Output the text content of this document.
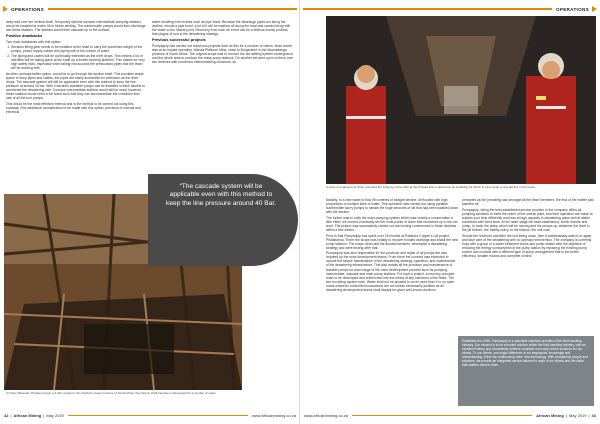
OPERATIONS

deep well over the vertical shaft. Temporary slimline sumped intermediate pumping stations would be installed at levels 48 m below landing. The submersible pumps would then discharge into these stations. The stations would then cascade up to the surface.

Positive drawbacks

Two main drawbacks with this option:

1. Sections lifting gear needs to be installed at the shaft to carry the combined weight of the pumps, power supply cables and piping with a full column of water.
2. The piping and cables will be continually extended as the level drops. This means a lot of activities will be taking place at the shaft on a limited working platform. This makes for very high safety risks, especially when taking into account the pressurised pipes that the team will be working with.

Another, perhaps better option, would be to go through the decline shaft. This provides ample space to keep pipes and cables; the pipes are easily accessible for extension as the level drops. The cascade system will still be applicable even with this method to keep the line pressure at around 40 bar. With 4 declines available pumps can be installed in each decline to accelerate the dewatering rate. Common intermediate stations would still be used; however, these stations would need to be sized such that they can accommodate the combined flow rate of all the four pumps.

This would be the most effective method and is the method to be carried out using this roadway. One additional consideration to be made with this option: provision of manual and electrical

water resulting from events such as pipe burst. Because the discharge pipes run along the decline, should a pipe burst, a lot of it will be washed off along the road and carried along with the water to the lowest point. Recovery from such an event can be a tedious mainly process that plague of sort in the dewatering strategy.

Previous successful projects

Pumpsquip has carried out numerous projects such as this for a number of clients. Most recent was at an Impala operation, Marula Platinum Mine, close to Burgersfort in the Mpumalanga province of South Africa. The original scope was to recover the old settling system underground and the whole area to produce the mass pump stations. On another we were upon to them over two declines with numerous intercrosseling crosscuts, all

At Orion Minerals' Prieska Copper a 4.2km project in the Northern Cape province of South Africa, the historic shaft has been submerged for a number of years.
42 | African Mining | May 2019	www.africanmining.co.za
“The cascade system will be applicable even with this method to keep the line pressure around 40 Bar.
OPERATIONS
A team of engineers at Orion recorded the integrity of the shaft at the Prieska site to determine its suitability for which to best repair a new decline in the future.

Notably, to a new water to flow lift contents of straight decline, all flooded with high proportions of multiple lines of water. This operation was carried out using portable submersible slurry pumps to handle the huge amounts of silt that had been washed down with the decline.

The further was to unify the main pumping system which was closely a conservation a little effort; we mustn't eventually set the most points of down that recovered up to the old level. The project was successfully carried out and mining commenced in those declines within a few weeks.

Prior to that Pumpsquip has spent over 18 months at Palabora Copper's Lift project, Phalaborwa. There the scope was initially to recover flooded workings and install the new pump stations. The major clean-dolt the flooded declines, developed a dewatering strategy and were testing after that.

Pumpsquip was also responsible for the provision and repair of all pumps are also required by the mine development teams. From there the contract was extended to include the simple maintenance of the dewatering strategy, operation, and maintenance of the dewatering infrastructure. This also entails all the provision and maintenance of suitable pumps for each stage of the mine development process such as pumping, intermediate, cascade and main pump stations. For such a project, a new key principle: chart to be developed and entrenched into the minds of key members of the team. The two mounting system here. Water shall not be allowed to cover more than 4 m on open roads wherever controlled excavations are not unless necessarily justified as all dewatering development teams shall always be given well-known declines.

principles as the prevailing law amongst all the team members, the end of the matter was planned off.

Pumpsquip, being the best-established service provider in the company offers all pumping solutions to meet the reach of the overall plant, and their operation are made to sustain your time efficiently and lean at high capacity in dewatering plans well at stable conditions with fixed lines. At the latter stage we have established, which include and pump, to keep the pump which will be moving and the pumps up, whatever the level in the pit bottom, the mainly slurry, to the bottom, the unit cost.

Should the reservoir and after the unit being down, then it automatically switch on again and take care of the dewatering with no operator intervention. The company is currently busy with a group of a water treatment works and pump station with the objective of reducing the energy consumption of the pump station by replacing the existing pump control and controls with a different type of pump arrangement that is the better efficiency, smaller motors and complete control.

www.africanmining.co.za	African Mining | May 2019 | 43
Established in 1986, Pumpsquip is a specialist solutions provider in the fluid handling industry. Our mission is to be a trusted solution within the fluid handling industry, with an excellent history and consistently delivers complete and value-driven solutions for our clients. To our clients, one major difference is our employees' knowledge and understanding of this we continuously learn new technology. With exceptional people and solutions, we provide an integrated service tailored to each of our clients and the value that matters most to them.
